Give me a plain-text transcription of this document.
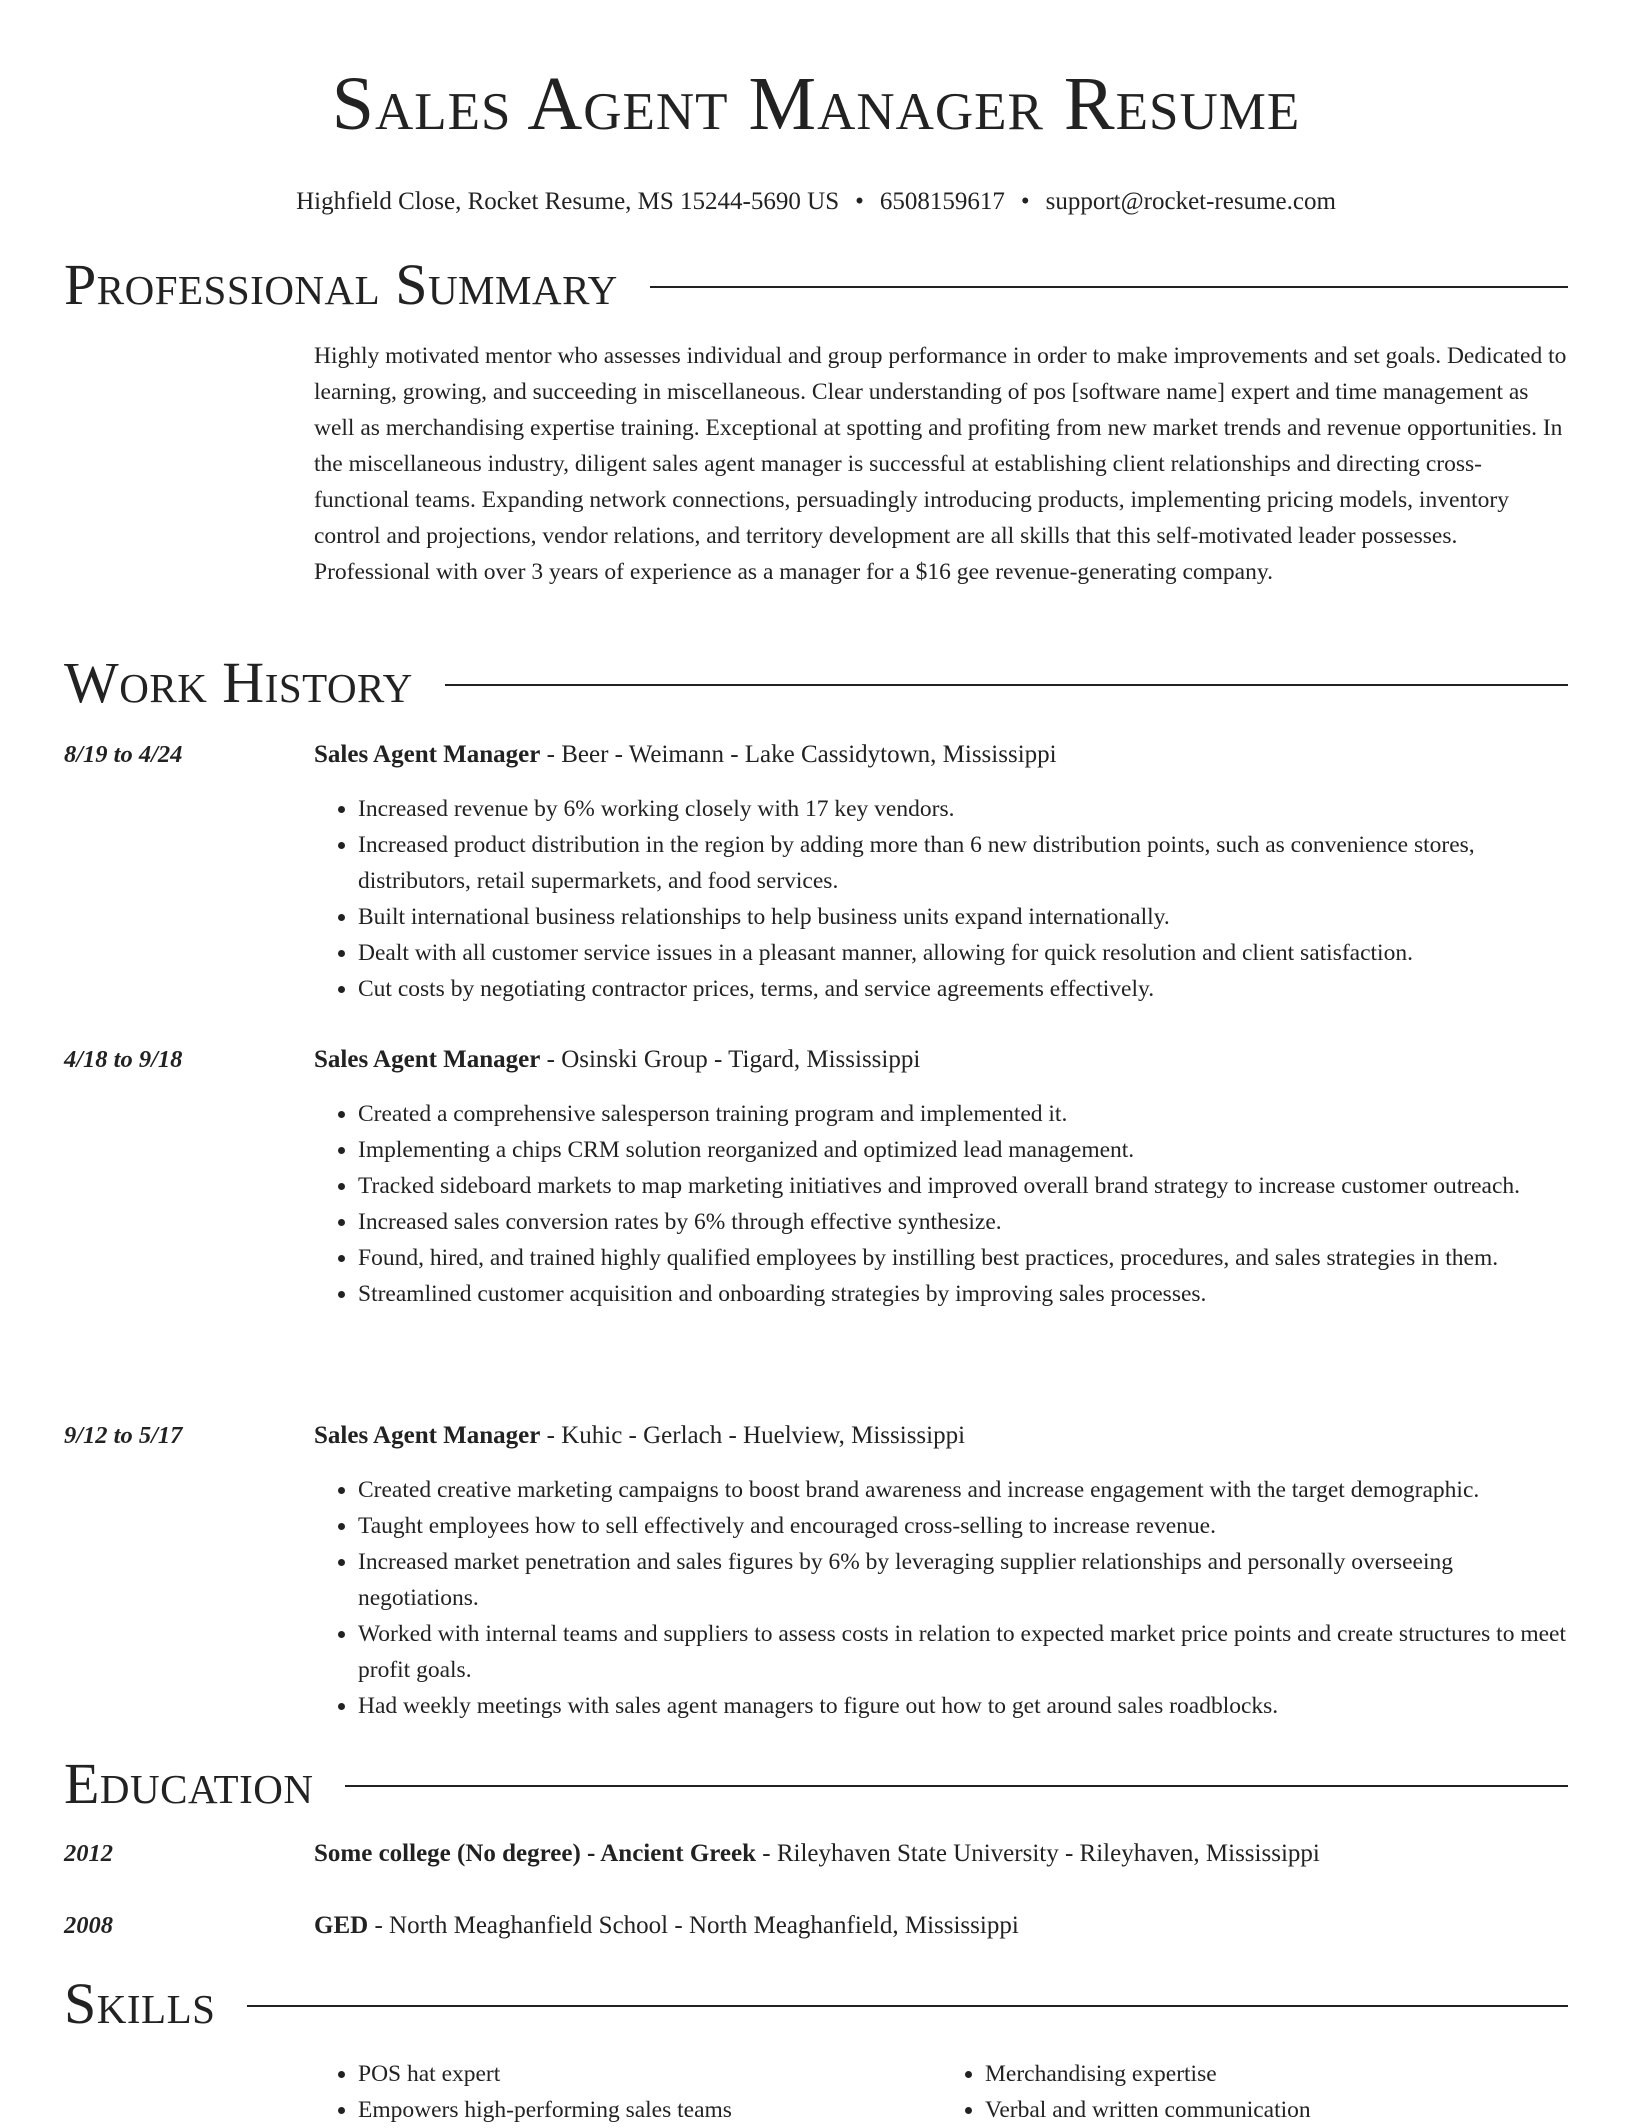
Sales Agent Manager Resume
Highfield Close, Rocket Resume, MS 15244-5690 US • 6508159617 • support@rocket-resume.com
Professional Summary

Highly motivated mentor who assesses individual and group performance in order to make improvements and set goals. Dedicated to learning, growing, and succeeding in miscellaneous. Clear understanding of pos [software name] expert and time management as well as merchandising expertise training. Exceptional at spotting and profiting from new market trends and revenue opportunities. In the miscellaneous industry, diligent sales agent manager is successful at establishing client relationships and directing cross-functional teams. Expanding network connections, persuadingly introducing products, implementing pricing models, inventory control and projections, vendor relations, and territory development are all skills that this self-motivated leader possesses. Professional with over 3 years of experience as a manager for a $16 gee revenue-generating company.

Work History
8/19 to 4/24	Sales Agent Manager - Beer - Weimann - Lake Cassidytown, Mississippi
• Increased revenue by 6% working closely with 17 key vendors.
• Increased product distribution in the region by adding more than 6 new distribution points, such as convenience stores, distributors, retail supermarkets, and food services.
• Built international business relationships to help business units expand internationally.
• Dealt with all customer service issues in a pleasant manner, allowing for quick resolution and client satisfaction.
• Cut costs by negotiating contractor prices, terms, and service agreements effectively.
4/18 to 9/18	Sales Agent Manager - Osinski Group - Tigard, Mississippi
• Created a comprehensive salesperson training program and implemented it.
• Implementing a chips CRM solution reorganized and optimized lead management.
• Tracked sideboard markets to map marketing initiatives and improved overall brand strategy to increase customer outreach.
• Increased sales conversion rates by 6% through effective synthesize.
• Found, hired, and trained highly qualified employees by instilling best practices, procedures, and sales strategies in them.
• Streamlined customer acquisition and onboarding strategies by improving sales processes.
9/12 to 5/17	Sales Agent Manager - Kuhic - Gerlach - Huelview, Mississippi
• Created creative marketing campaigns to boost brand awareness and increase engagement with the target demographic.
• Taught employees how to sell effectively and encouraged cross-selling to increase revenue.
• Increased market penetration and sales figures by 6% by leveraging supplier relationships and personally overseeing negotiations.
• Worked with internal teams and suppliers to assess costs in relation to expected market price points and create structures to meet profit goals.
• Had weekly meetings with sales agent managers to figure out how to get around sales roadblocks.
Education
2012	Some college (No degree) - Ancient Greek - Rileyhaven State University - Rileyhaven, Mississippi
2008	GED - North Meaghanfield School - North Meaghanfield, Mississippi
Skills
• POS hat expert
• Empowers high-performing sales teams
• Merchandising expertise
• Verbal and written communication
